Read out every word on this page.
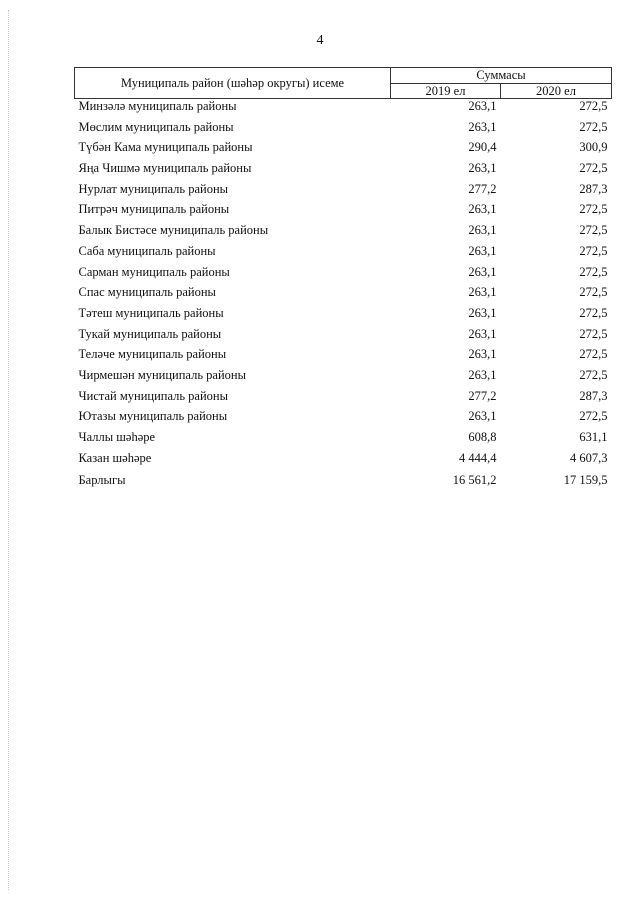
4
Муниципаль район (шәһәр округы) исеме	Суммасы	
	2019 ел	2020 ел
Минзәлә муниципаль районы	263,1	272,5
Мөслим муниципаль районы	263,1	272,5
Түбән Кама муниципаль районы	290,4	300,9
Яңа Чишмә муниципаль районы	263,1	272,5
Нурлат муниципаль районы	277,2	287,3
Питрәч муниципаль районы	263,1	272,5
Балык Бистәсе муниципаль районы	263,1	272,5
Саба муниципаль районы	263,1	272,5
Сарман муниципаль районы	263,1	272,5
Спас муниципаль районы	263,1	272,5
Тәтеш муниципаль районы	263,1	272,5
Тукай муниципаль районы	263,1	272,5
Теләче муниципаль районы	263,1	272,5
Чирмешән муниципаль районы	263,1	272,5
Чистай муниципаль районы	277,2	287,3
Ютазы муниципаль районы	263,1	272,5
Чаллы шәһәре	608,8	631,1
Казан шәһәре	4 444,4	4 607,3
Барлыгы	16 561,2	17 159,5
